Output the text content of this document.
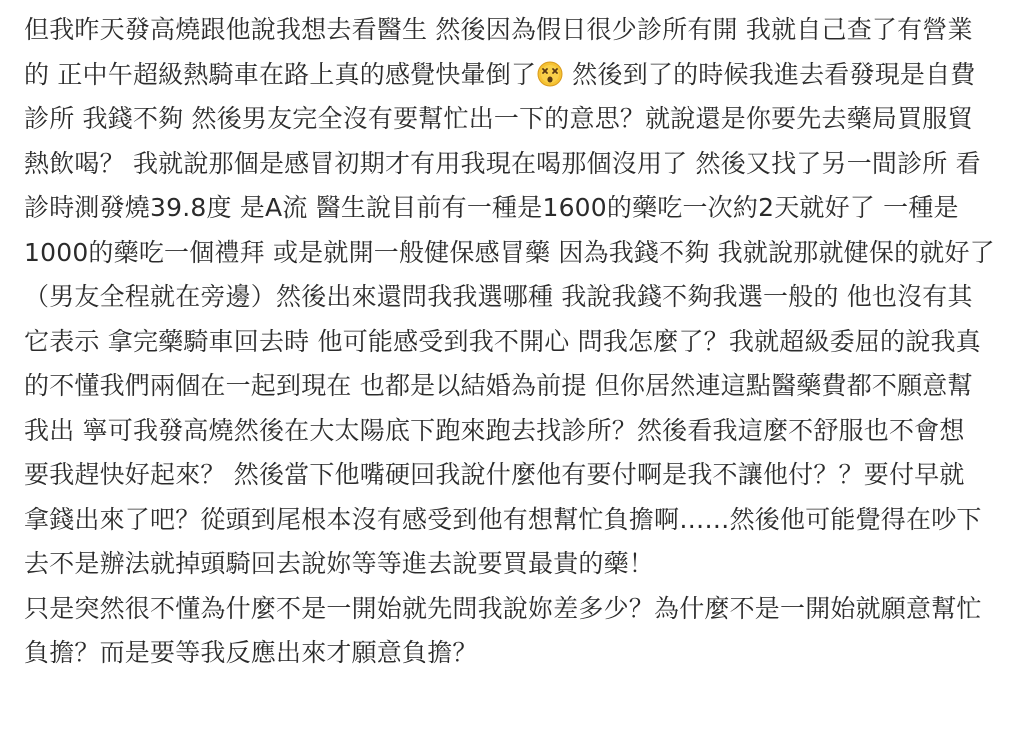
但我昨天發高燒跟他說我想去看醫生 然後因為假日很少診所有開 我就自己查了有營業
的 正中午超級熱騎車在路上真的感覺快暈倒了 然後到了的時候我進去看發現是自費
診所 我錢不夠 然後男友完全沒有要幫忙出一下的意思？就說還是你要先去藥局買服貿
熱飲喝？ 我就說那個是感冒初期才有用我現在喝那個沒用了 然後又找了另一間診所 看
診時測發燒39.8度 是A流 醫生說目前有一種是1600的藥吃一次約2天就好了 一種是
1000的藥吃一個禮拜 或是就開一般健保感冒藥 因為我錢不夠 我就說那就健保的就好了
（男友全程就在旁邊）然後出來還問我我選哪種 我說我錢不夠我選一般的 他也沒有其
它表示 拿完藥騎車回去時 他可能感受到我不開心 問我怎麼了？我就超級委屈的說我真
的不懂我們兩個在一起到現在 也都是以結婚為前提 但你居然連這點醫藥費都不願意幫
我出 寧可我發高燒然後在大太陽底下跑來跑去找診所？然後看我這麼不舒服也不會想
要我趕快好起來？ 然後當下他嘴硬回我說什麼他有要付啊是我不讓他付？？要付早就
拿錢出來了吧？從頭到尾根本沒有感受到他有想幫忙負擔啊……然後他可能覺得在吵下
去不是辦法就掉頭騎回去說妳等等進去說要買最貴的藥！
只是突然很不懂為什麼不是一開始就先問我說妳差多少？為什麼不是一開始就願意幫忙
負擔？而是要等我反應出來才願意負擔？
